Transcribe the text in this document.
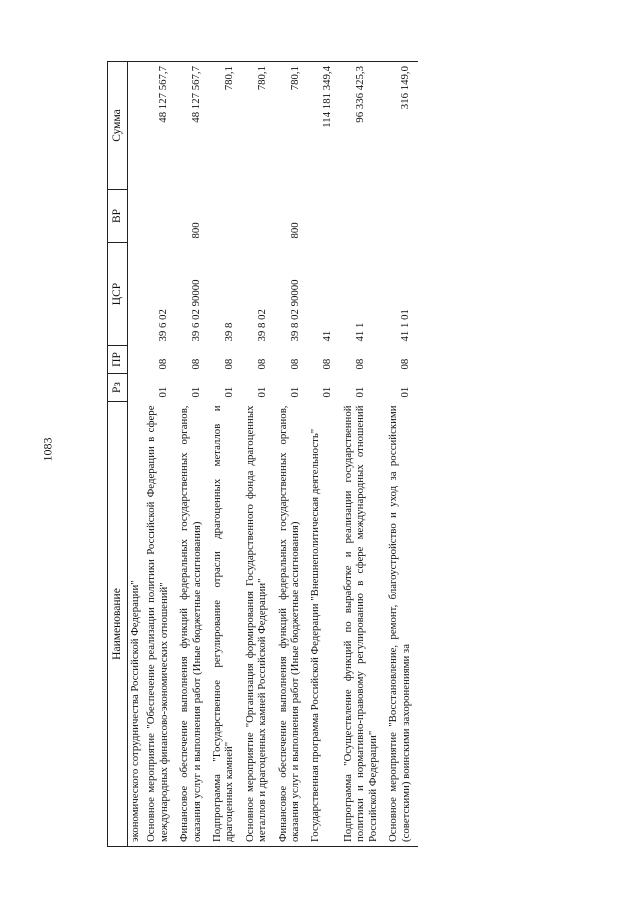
1083
Наименование	Рз	ПР	ЦСР	ВР	Сумма
экономического сотрудничества Российской Федерации"					
Основное мероприятие "Обеспечение реализации политики Российской Федерации в сфере международных финансово-экономических отношений"	01	08	39 6 02		48 127 567,7
Финансовое обеспечение выполнения функций федеральных государственных органов, оказания услуг и выполнения работ (Иные бюджетные ассигнования)	01	08	39 6 02 90000	800	48 127 567,7
Подпрограмма "Государственное регулирование отрасли драгоценных металлов и драгоценных камней"	01	08	39 8		780,1
Основное мероприятие "Организация формирования Государственного фонда драгоценных металлов и драгоценных камней Российской Федерации"	01	08	39 8 02		780,1
Финансовое обеспечение выполнения функций федеральных государственных органов, оказания услуг и выполнения работ (Иные бюджетные ассигнования)	01	08	39 8 02 90000	800	780,1
Государственная программа Российской Федерации "Внешнеполитическая деятельность"	01	08	41		114 181 349,4
Подпрограмма "Осуществление функций по выработке и реализации государственной политики и нормативно-правовому регулированию в сфере международных отношений Российской Федерации"	01	08	41 1		96 336 425,3
Основное мероприятие "Восстановление, ремонт, благоустройство и уход за российскими (советскими) воинскими захоронениями за	01	08	41 1 01		316 149,0
